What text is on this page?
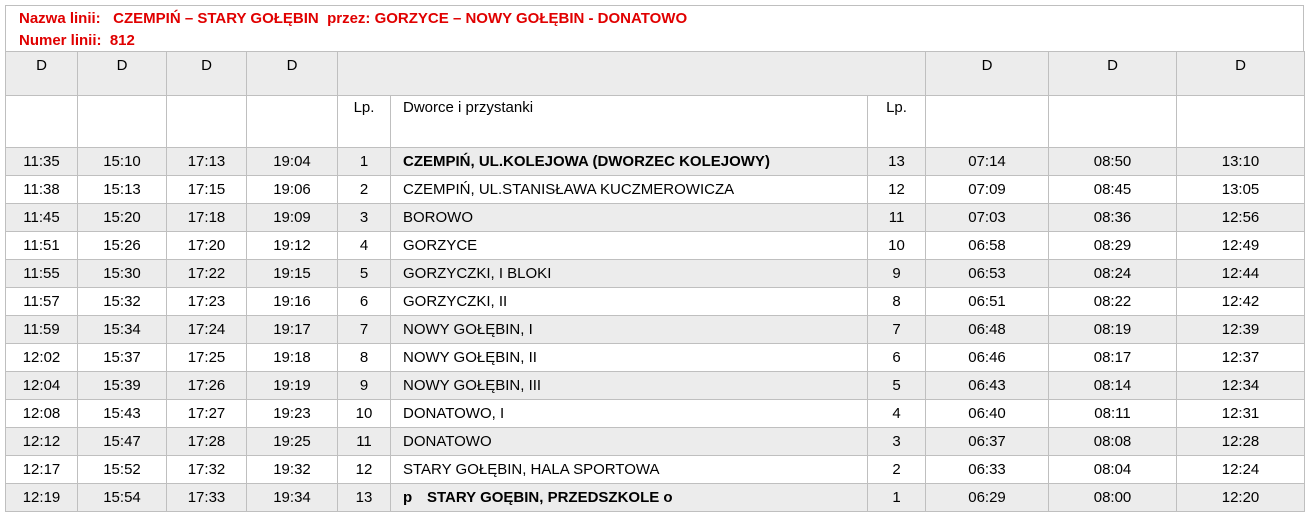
Nazwa linii:   CZEMPIŃ – STARY GOŁĘBIN  przez: GORZYCE – NOWY GOŁĘBIN - DONATOWO
Numer linii:  812
D	D	D	D				D	D	D
				Lp.	Dworce i przystanki	Lp.			
11:35	15:10	17:13	19:04	1	CZEMPIŃ, UL.KOLEJOWA (DWORZEC KOLEJOWY)	13	07:14	08:50	13:10
11:38	15:13	17:15	19:06	2	CZEMPIŃ, UL.STANISŁAWA KUCZMEROWICZA	12	07:09	08:45	13:05
11:45	15:20	17:18	19:09	3	BOROWO	11	07:03	08:36	12:56
11:51	15:26	17:20	19:12	4	GORZYCE	10	06:58	08:29	12:49
11:55	15:30	17:22	19:15	5	GORZYCZKI, I BLOKI	9	06:53	08:24	12:44
11:57	15:32	17:23	19:16	6	GORZYCZKI, II	8	06:51	08:22	12:42
11:59	15:34	17:24	19:17	7	NOWY GOŁĘBIN, I	7	06:48	08:19	12:39
12:02	15:37	17:25	19:18	8	NOWY GOŁĘBIN, II	6	06:46	08:17	12:37
12:04	15:39	17:26	19:19	9	NOWY GOŁĘBIN, III	5	06:43	08:14	12:34
12:08	15:43	17:27	19:23	10	DONATOWO, I	4	06:40	08:11	12:31
12:12	15:47	17:28	19:25	11	DONATOWO	3	06:37	08:08	12:28
12:17	15:52	17:32	19:32	12	STARY GOŁĘBIN, HALA SPORTOWA	2	06:33	08:04	12:24
12:19	15:54	17:33	19:34	13	p STARY GOĘBIN, PRZEDSZKOLE o	1	06:29	08:00	12:20
